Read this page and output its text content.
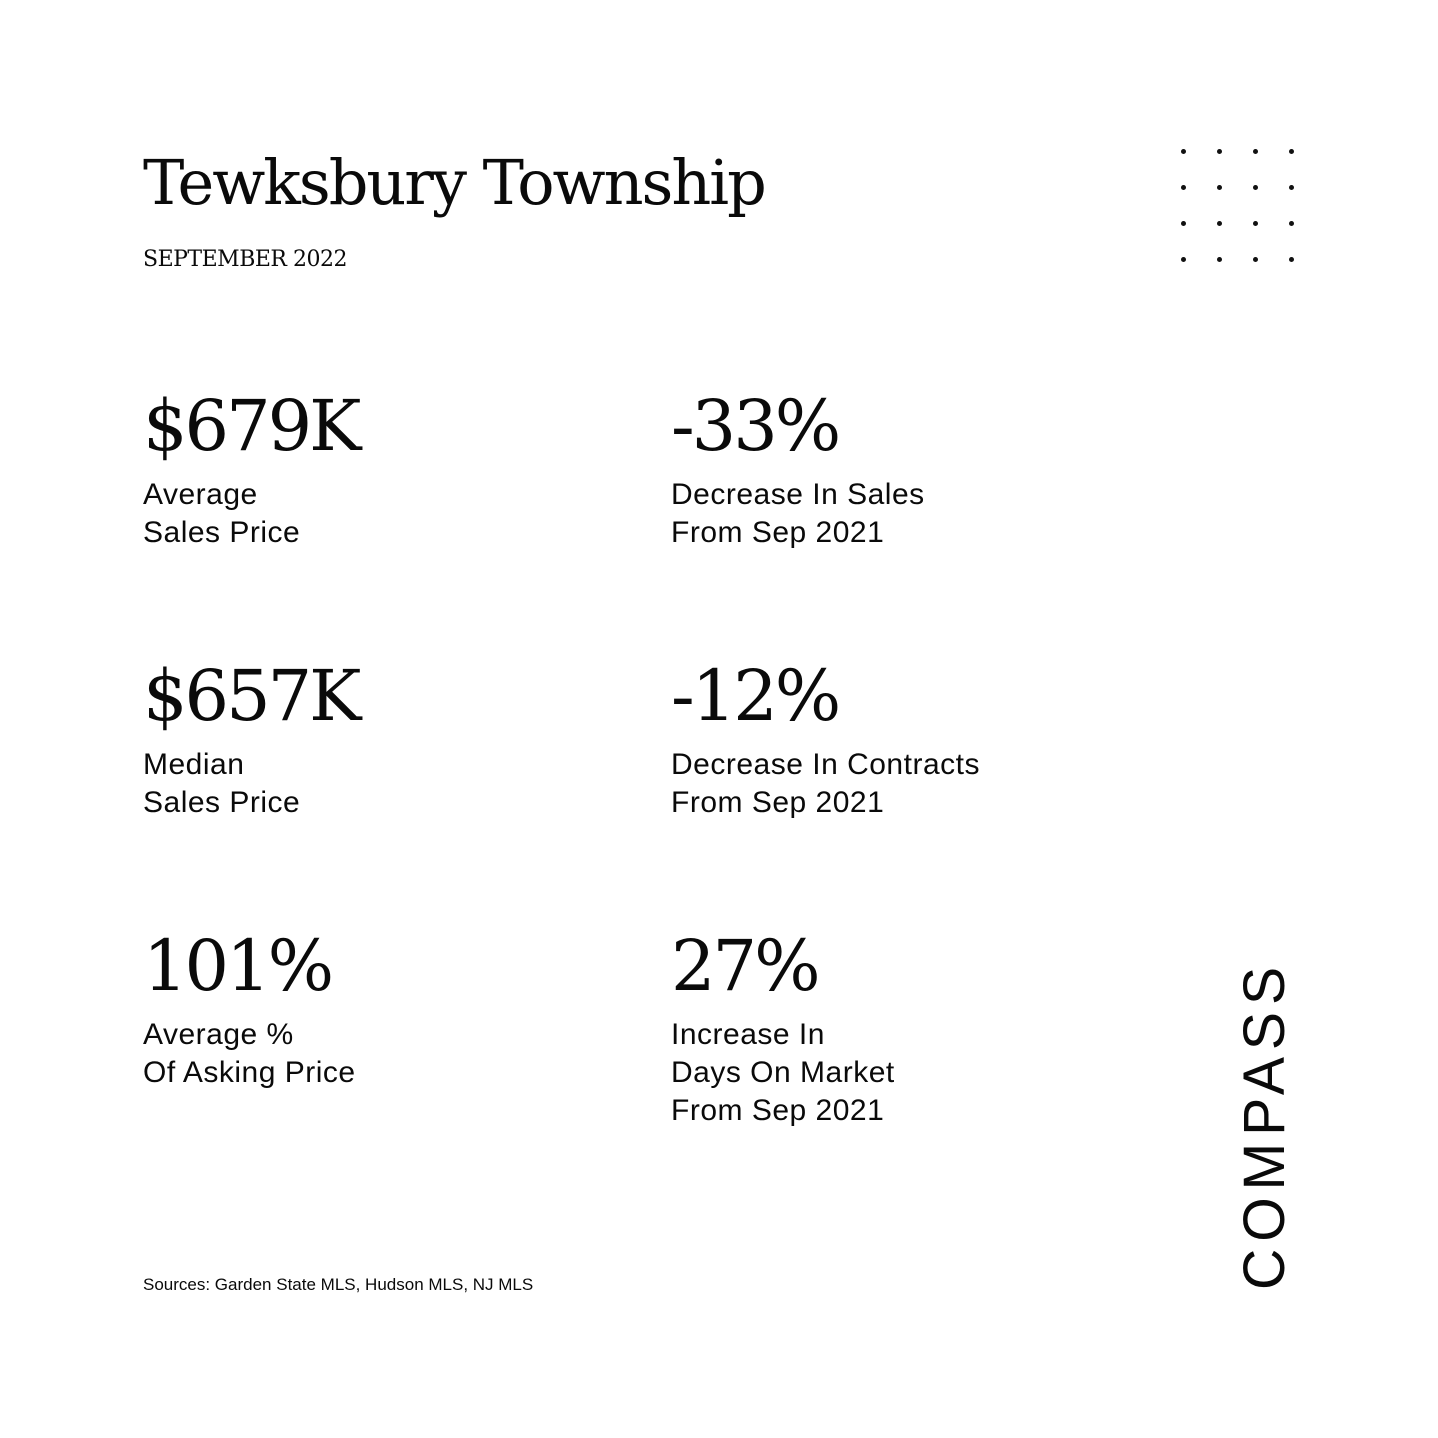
Tewksbury Township
SEPTEMBER 2022
$679K
Average
Sales Price
-33%
Decrease In Sales
From Sep 2021
$657K
Median
Sales Price
-12%
Decrease In Contracts
From Sep 2021
101%
Average %
Of Asking Price
27%
Increase In
Days On Market
From Sep 2021
Sources: Garden State MLS, Hudson MLS, NJ MLS	COMPASS
